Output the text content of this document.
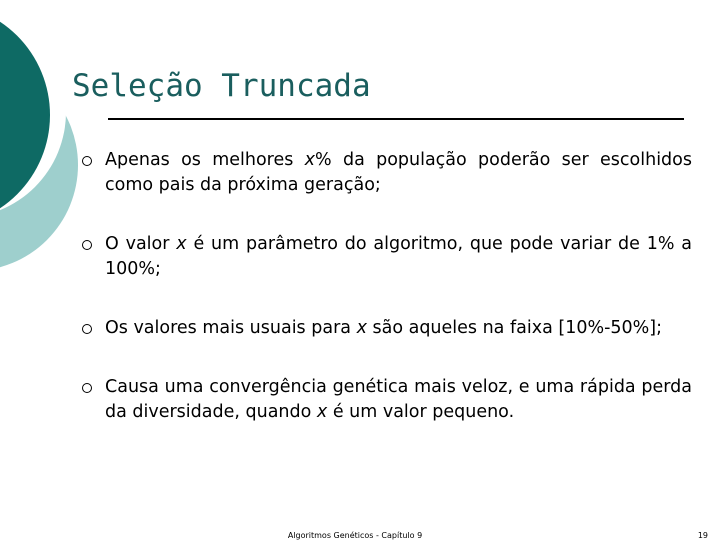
Seleção Truncada
Apenas os melhores x% da população poderão ser escolhidos como pais da próxima geração;
O valor x é um parâmetro do algoritmo, que pode variar de 1% a 100%;
Os valores mais usuais para x são aqueles na faixa [10%-50%];
Causa uma convergência genética mais veloz, e uma rápida perda da diversidade, quando x é um valor pequeno.
Algoritmos Genéticos - Capítulo 9	19
